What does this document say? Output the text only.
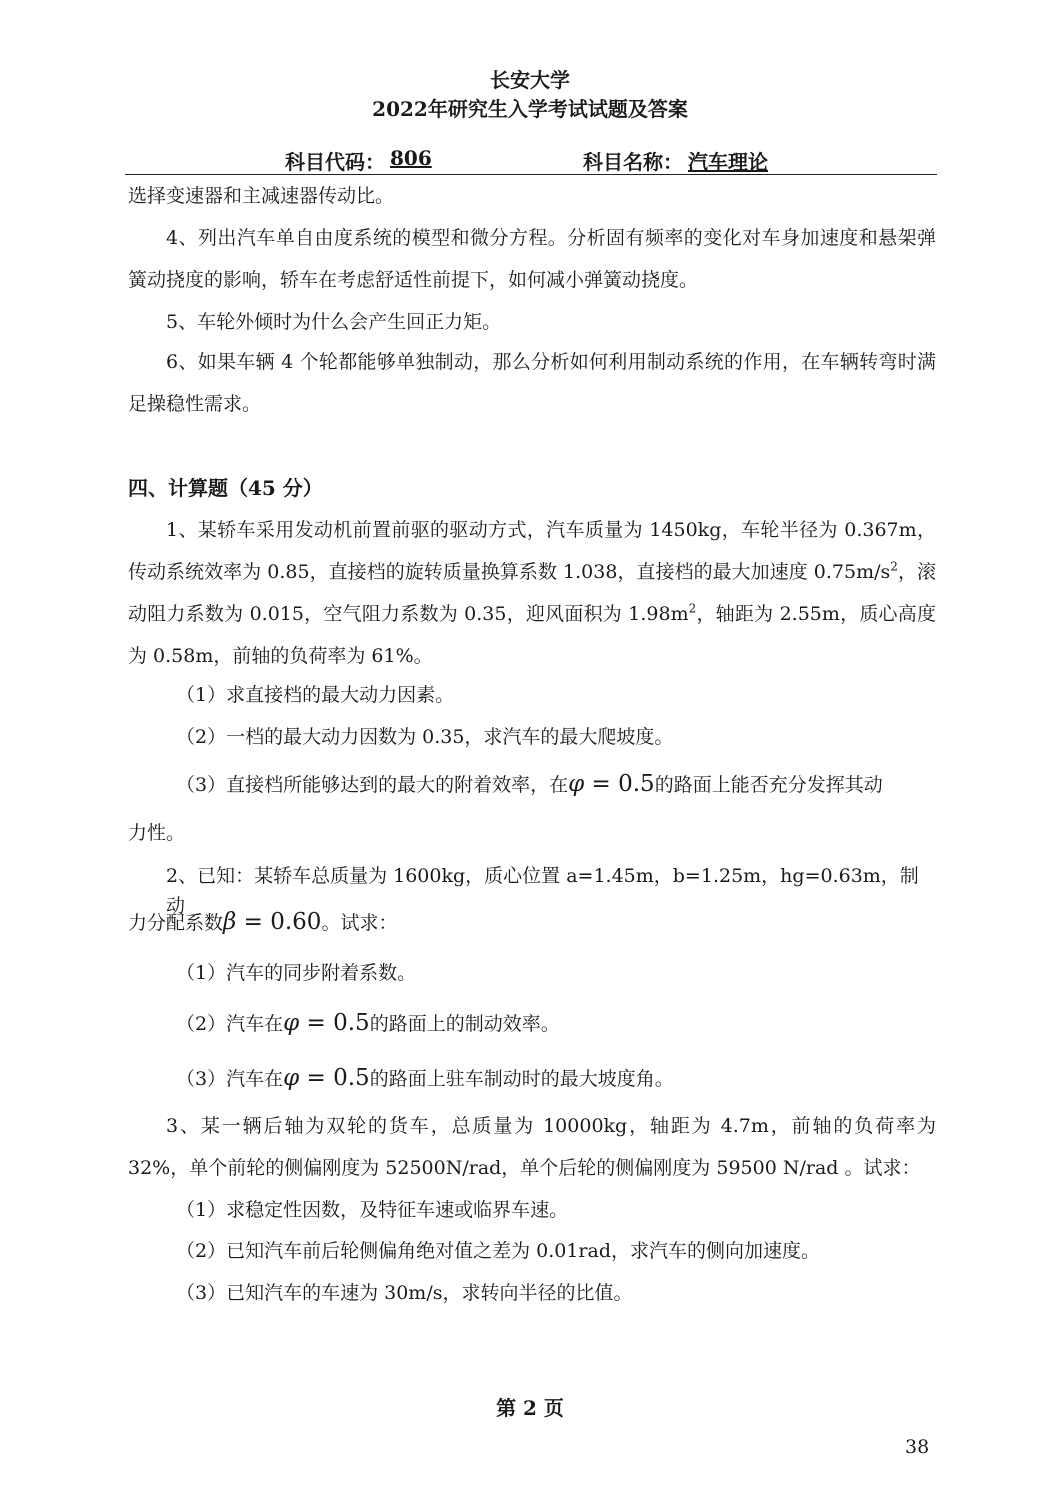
长安大学
2022年研究生入学考试试题及答案
科目代码： 806	科目名称： 汽车理论

选择变速器和主减速器传动比。

4、列出汽车单自由度系统的模型和微分方程。分析固有频率的变化对车身加速度和悬架弹簧动挠度的影响，轿车在考虑舒适性前提下，如何减小弹簧动挠度。

5、车轮外倾时为什么会产生回正力矩。

6、如果车辆 4 个轮都能够单独制动，那么分析如何利用制动系统的作用，在车辆转弯时满足操稳性需求。

四、计算题（45 分）

1、某轿车采用发动机前置前驱的驱动方式，汽车质量为 1450kg，车轮半径为 0.367m，传动系统效率为 0.85，直接档的旋转质量换算系数 1.038，直接档的最大加速度 $0.75m/s^2$，滚动阻力系数为 0.015，空气阻力系数为 0.35，迎风面积为 $1.98m^2$，轴距为 2.55m，质心高度为 0.58m，前轴的负荷率为 61%。

（1）求直接档的最大动力因素。
（2）一档的最大动力因数为 0.35，求汽车的最大爬坡度。
（3）直接档所能够达到的最大的附着效率，在φ = 0.5的路面上能否充分发挥其动
力性。
2、已知：某轿车总质量为 1600kg，质心位置 a=1.45m，b=1.25m，hg=0.63m，制动
力分配系数β = 0.60。试求：
（1）汽车的同步附着系数。
（2）汽车在φ = 0.5的路面上的制动效率。
（3）汽车在φ = 0.5的路面上驻车制动时的最大坡度角。

3、某一辆后轴为双轮的货车，总质量为 10000kg，轴距为 4.7m，前轴的负荷率为 32%，单个前轮的侧偏刚度为 52500N/rad，单个后轮的侧偏刚度为 59500 N/rad 。试求：

（1）求稳定性因数，及特征车速或临界车速。
（2）已知汽车前后轮侧偏角绝对值之差为 0.01rad，求汽车的侧向加速度。
（3）已知汽车的车速为 30m/s，求转向半径的比值。
第 2 页
38
